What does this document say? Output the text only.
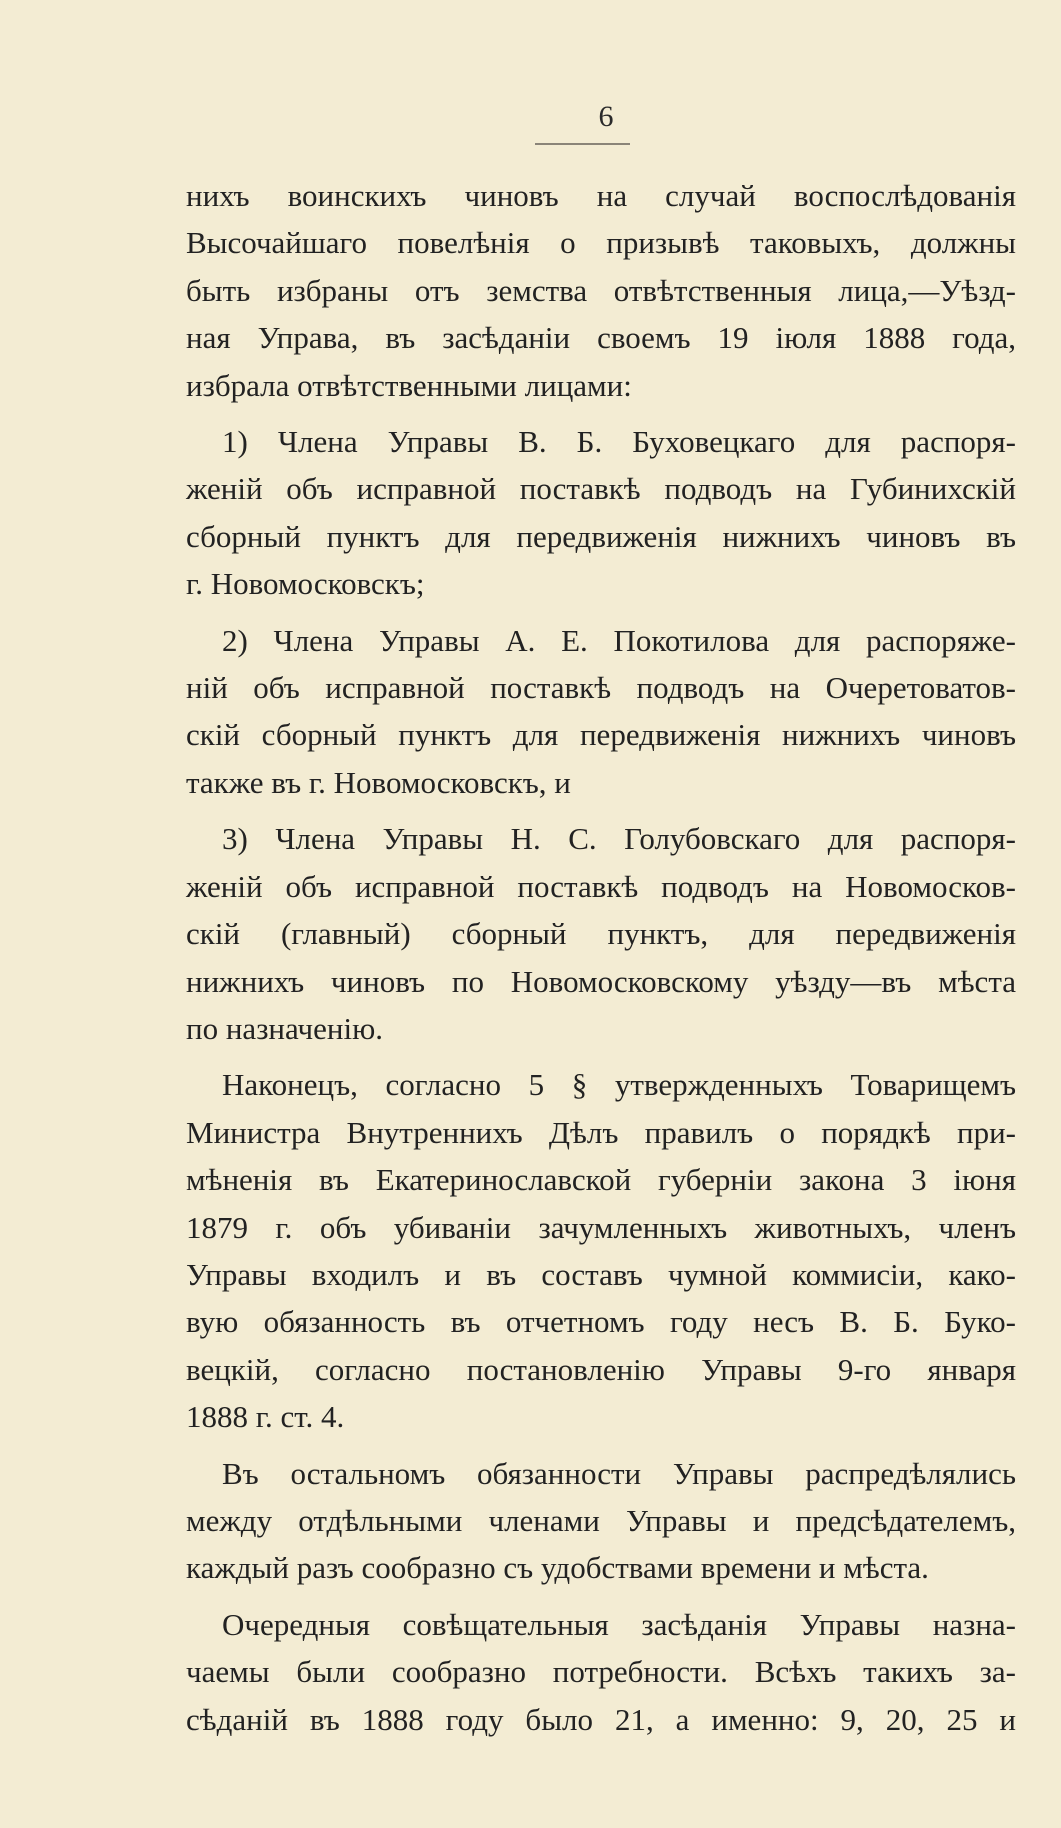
6
нихъ воинскихъ чиновъ на случай воспослѣдованія
Высочайшаго повелѣнія о призывѣ таковыхъ, должны
быть избраны отъ земства отвѣтственныя лица,—Уѣзд-
ная Управа, въ засѣданіи своемъ 19 іюля 1888 года,
избрала отвѣтственными лицами:
1) Члена Управы В. Б. Буховецкаго для распоря-
женій объ исправной поставкѣ подводъ на Губинихскій
сборный пунктъ для передвиженія нижнихъ чиновъ въ
г. Новомосковскъ;
2) Члена Управы А. Е. Покотилова для распоряже-
ній объ исправной поставкѣ подводъ на Очеретоватов-
скій сборный пунктъ для передвиженія нижнихъ чиновъ
также въ г. Новомосковскъ, и
3) Члена Управы Н. С. Голубовскаго для распоря-
женій объ исправной поставкѣ подводъ на Новомосков-
скій (главный) сборный пунктъ, для передвиженія
нижнихъ чиновъ по Новомосковскому уѣзду—въ мѣста
по назначенію.
Наконецъ, согласно 5 § утвержденныхъ Товарищемъ
Министра Внутреннихъ Дѣлъ правилъ о порядкѣ при-
мѣненія въ Екатеринославской губерніи закона 3 іюня
1879 г. объ убиваніи зачумленныхъ животныхъ, членъ
Управы входилъ и въ составъ чумной коммисіи, како-
вую обязанность въ отчетномъ году несъ В. Б. Буко-
вецкій, согласно постановленію Управы 9-го января
1888 г. ст. 4.
Въ остальномъ обязанности Управы распредѣлялись
между отдѣльными членами Управы и предсѣдателемъ,
каждый разъ сообразно съ удобствами времени и мѣста.
Очередныя совѣщательныя засѣданія Управы назна-
чаемы были сообразно потребности. Всѣхъ такихъ за-
сѣданій въ 1888 году было 21, а именно: 9, 20, 25 и
